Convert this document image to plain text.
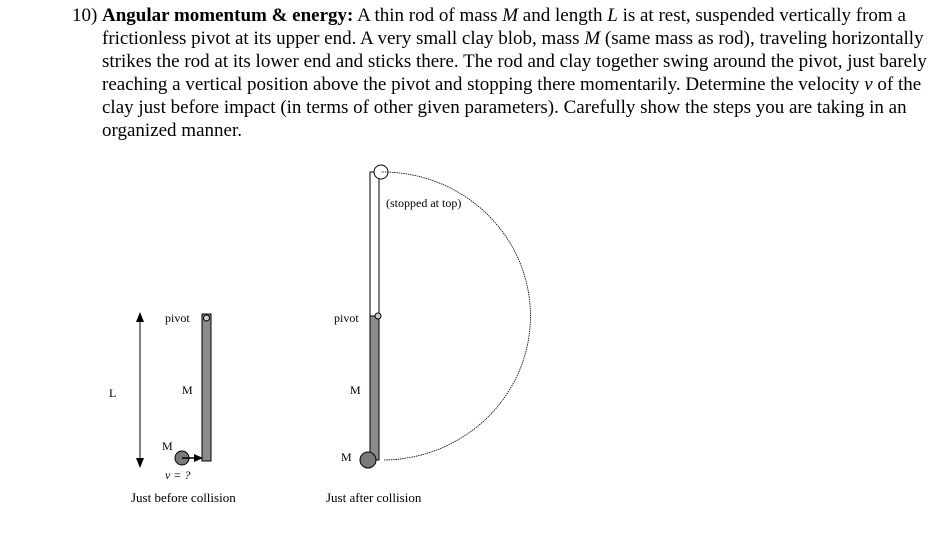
10) Angular momentum & energy: A thin rod of mass M and length L is at rest, suspended vertically from a frictionless pivot at its upper end. A very small clay blob, mass M (same mass as rod), traveling horizontally strikes the rod at its lower end and sticks there. The rod and clay together swing around the pivot, just barely reaching a vertical position above the pivot and stopping there momentarily. Determine the velocity v of the clay just before impact (in terms of other given parameters). Carefully show the steps you are taking in an organized manner.
pivot
L	M
M
v = ?
Just before collision
pivot
M
M
(stopped at top)
Just after collision
